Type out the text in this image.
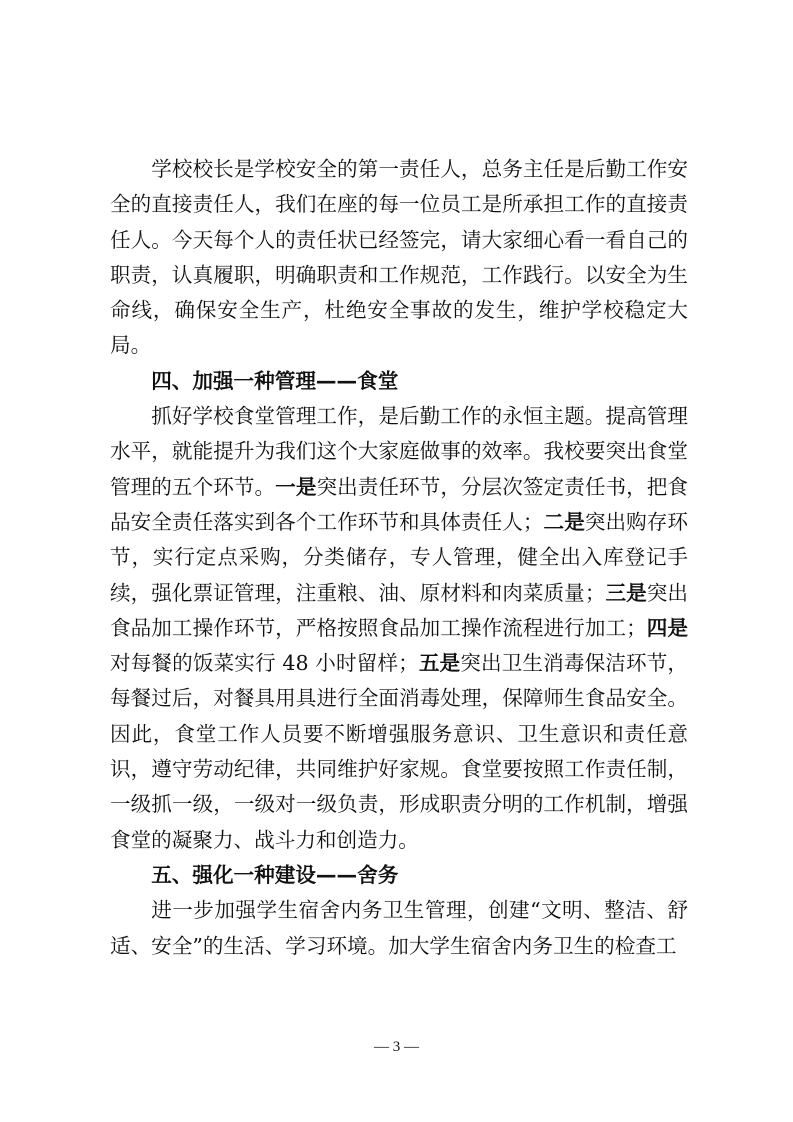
学校校长是学校安全的第一责任人，总务主任是后勤工作安全的直接责任人，我们在座的每一位员工是所承担工作的直接责任人。今天每个人的责任状已经签完，请大家细心看一看自己的职责，认真履职，明确职责和工作规范，工作践行。以安全为生命线，确保安全生产，杜绝安全事故的发生，维护学校稳定大局。

四、加强一种管理——食堂

抓好学校食堂管理工作，是后勤工作的永恒主题。提高管理水平，就能提升为我们这个大家庭做事的效率。我校要突出食堂管理的五个环节。一是突出责任环节，分层次签定责任书，把食品安全责任落实到各个工作环节和具体责任人；二是突出购存环节，实行定点采购，分类储存，专人管理，健全出入库登记手续，强化票证管理，注重粮、油、原材料和肉菜质量；三是突出食品加工操作环节，严格按照食品加工操作流程进行加工；四是对每餐的饭菜实行 48 小时留样；五是突出卫生消毒保洁环节，每餐过后，对餐具用具进行全面消毒处理，保障师生食品安全。因此，食堂工作人员要不断增强服务意识、卫生意识和责任意识，遵守劳动纪律，共同维护好家规。食堂要按照工作责任制，一级抓一级，一级对一级负责，形成职责分明的工作机制，增强食堂的凝聚力、战斗力和创造力。

五、强化一种建设——舍务

进一步加强学生宿舍内务卫生管理，创建“文明、整洁、舒适、安全”的生活、学习环境。加大学生宿舍内务卫生的检查工

— 3 —
